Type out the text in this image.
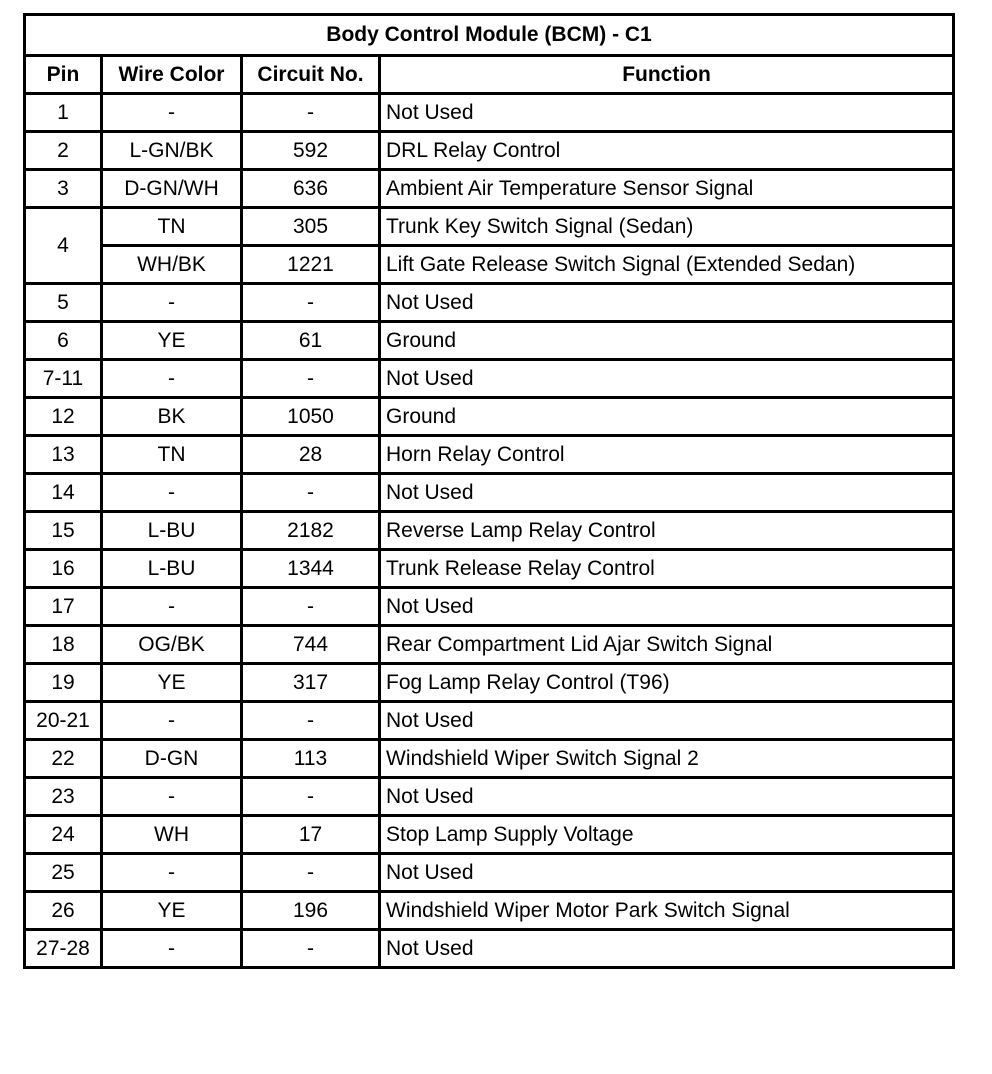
Body Control Module (BCM) - C1			
Pin	Wire Color	Circuit No.	Function
1	-	-	Not Used
2	L-GN/BK	592	DRL Relay Control
3	D-GN/WH	636	Ambient Air Temperature Sensor Signal
4	TN	305	Trunk Key Switch Signal (Sedan)
	WH/BK	1221	Lift Gate Release Switch Signal (Extended Sedan)
5	-	-	Not Used
6	YE	61	Ground
7-11	-	-	Not Used
12	BK	1050	Ground
13	TN	28	Horn Relay Control
14	-	-	Not Used
15	L-BU	2182	Reverse Lamp Relay Control
16	L-BU	1344	Trunk Release Relay Control
17	-	-	Not Used
18	OG/BK	744	Rear Compartment Lid Ajar Switch Signal
19	YE	317	Fog Lamp Relay Control (T96)
20-21	-	-	Not Used
22	D-GN	113	Windshield Wiper Switch Signal 2
23	-	-	Not Used
24	WH	17	Stop Lamp Supply Voltage
25	-	-	Not Used
26	YE	196	Windshield Wiper Motor Park Switch Signal
27-28	-	-	Not Used
